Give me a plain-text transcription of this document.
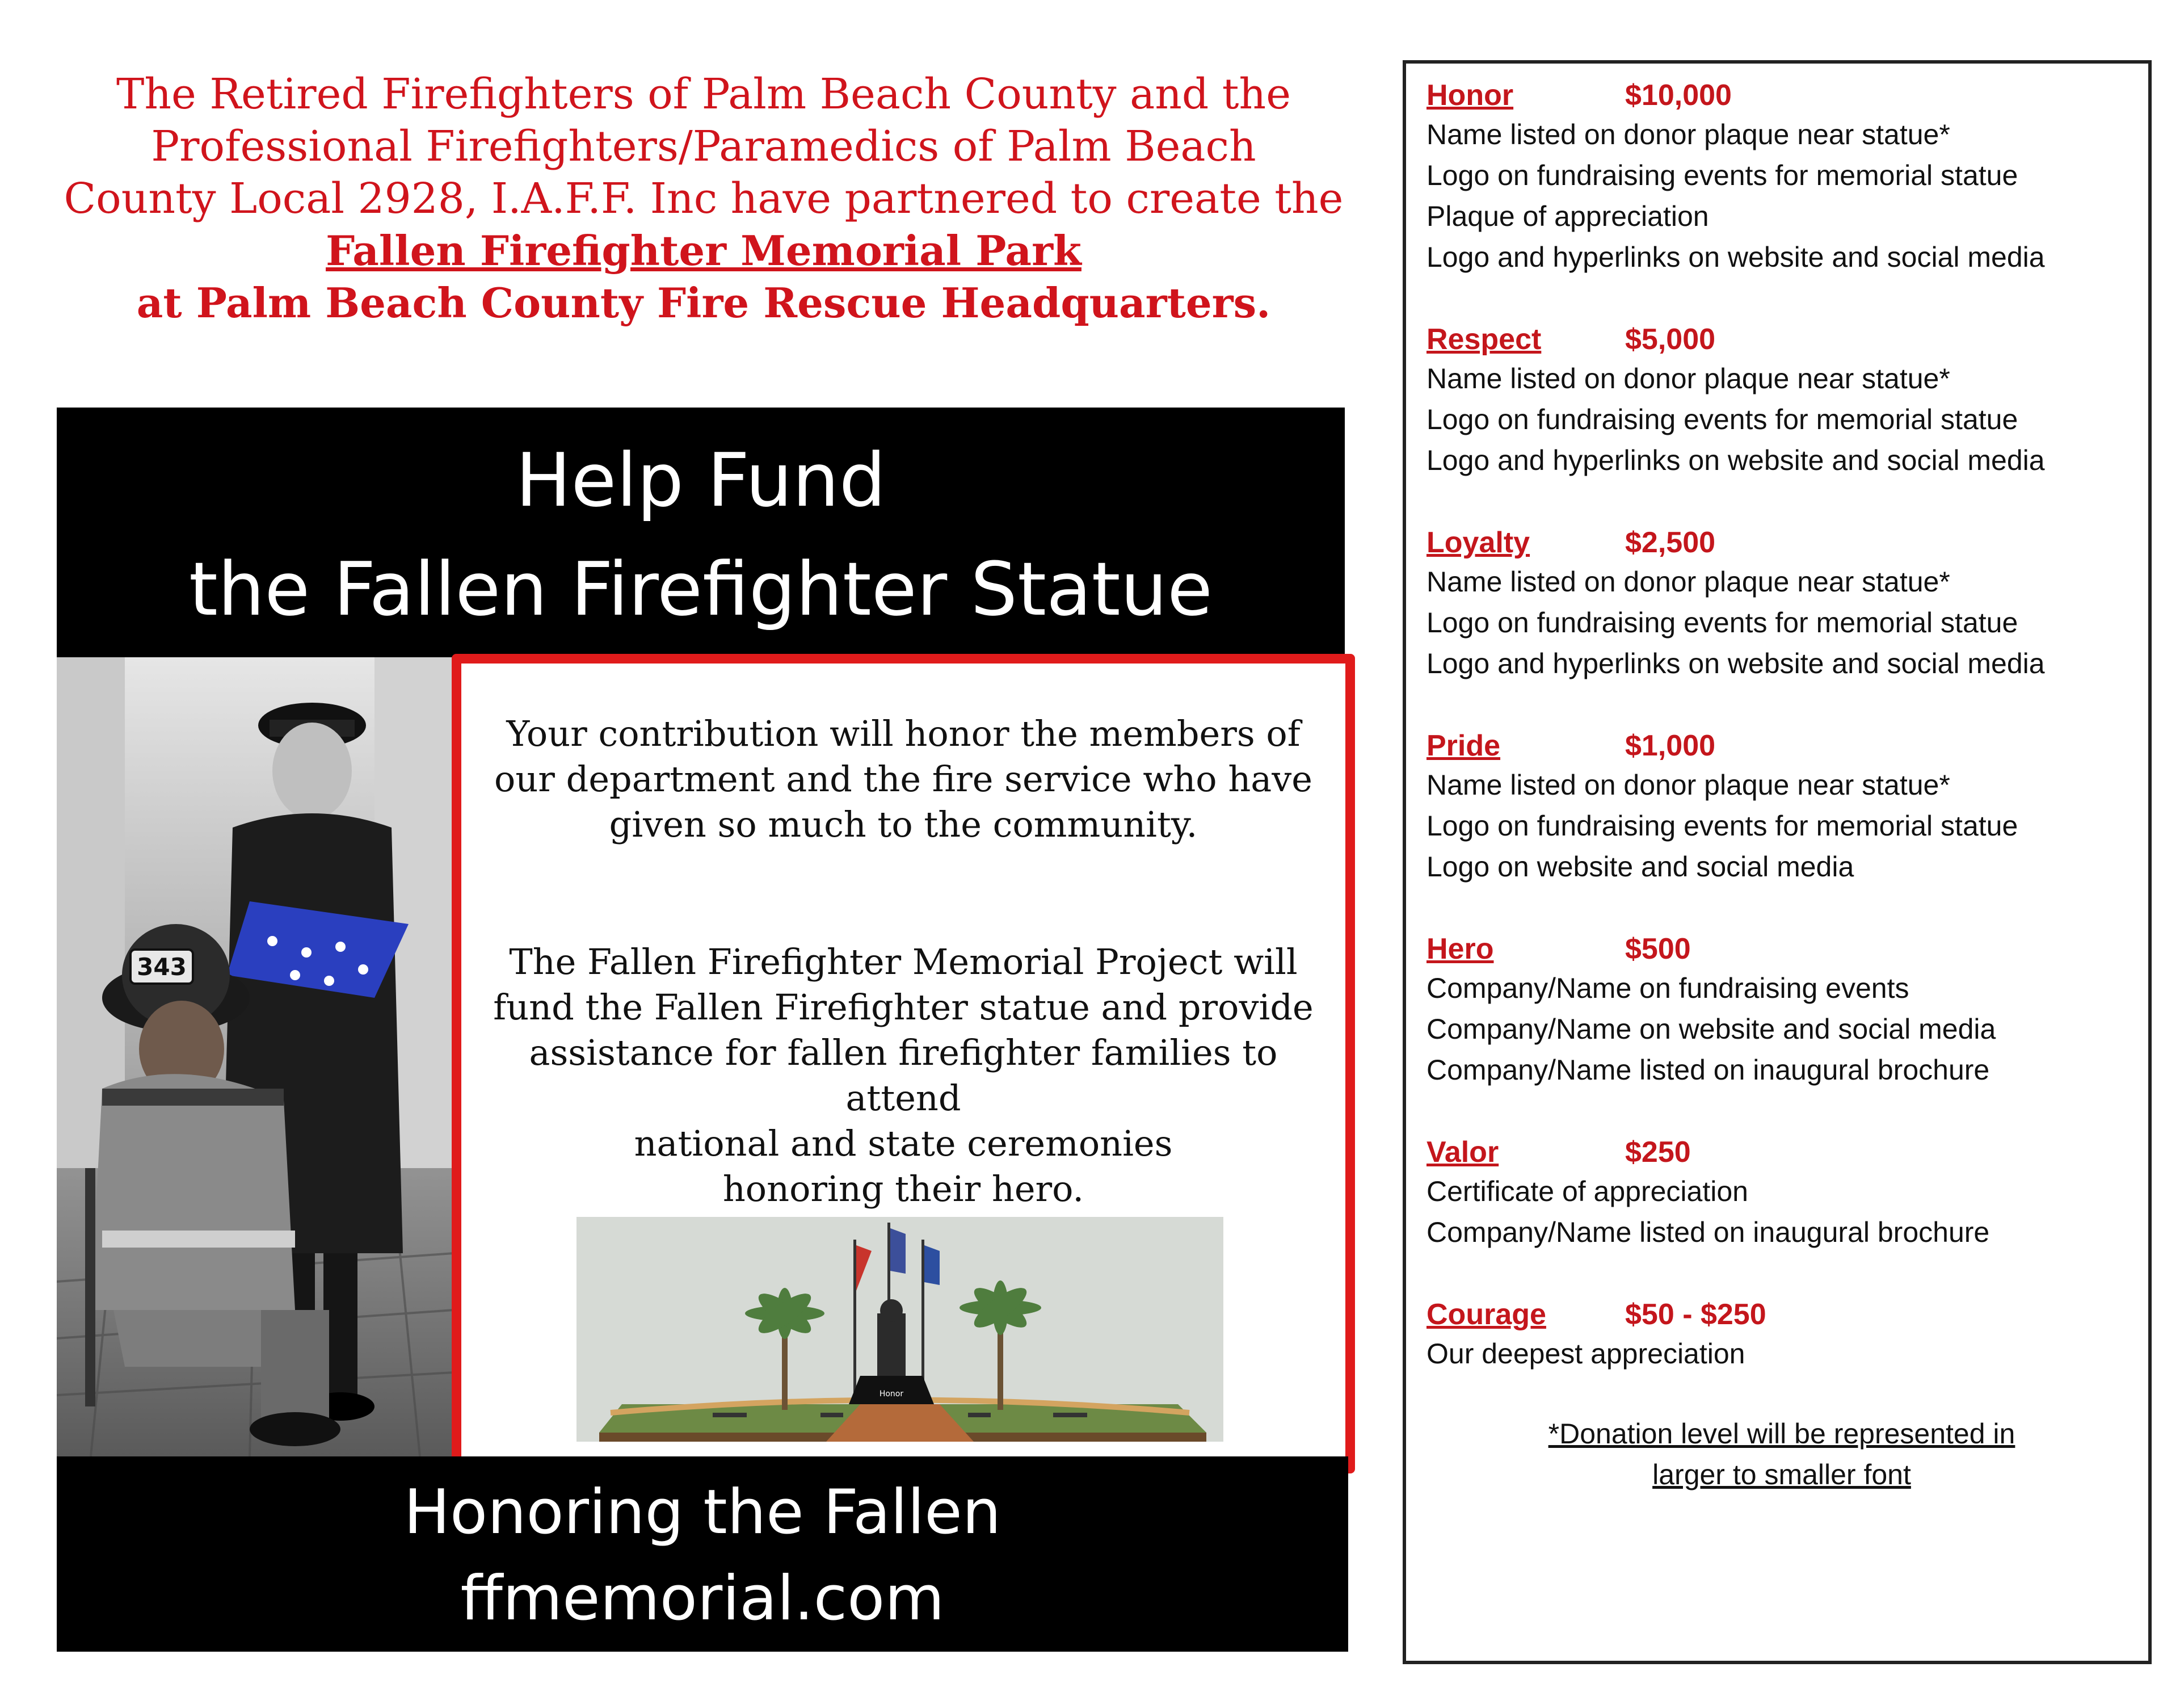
The Retired Firefighters of Palm Beach County and the
Professional Firefighters/Paramedics of Palm Beach
County Local 2928, I.A.F.F. Inc have partnered to create the
Fallen Firefighter Memorial Park
at Palm Beach County Fire Rescue Headquarters.
Help Fund
the Fallen Firefighter Statue
343
Your contribution will honor the members of
our department and the fire service who have
given so much to the community.
The Fallen Firefighter Memorial Project will
fund the Fallen Firefighter statue and provide
assistance for fallen firefighter families to
attend
national and state ceremonies
honoring their hero.
Honor
Honoring the Fallen
ffmemorial.com
Honor	$10,000
Name listed on donor plaque near statue*
Logo on fundraising events for memorial statue
Plaque of appreciation
Logo and hyperlinks on website and social media
Respect	$5,000
Name listed on donor plaque near statue*
Logo on fundraising events for memorial statue
Logo and hyperlinks on website and social media
Loyalty	$2,500
Name listed on donor plaque near statue*
Logo on fundraising events for memorial statue
Logo and hyperlinks on website and social media
Pride	$1,000
Name listed on donor plaque near statue*
Logo on fundraising events for memorial statue
Logo on website and social media
Hero	$500
Company/Name on fundraising events
Company/Name on website and social media
Company/Name listed on inaugural brochure
Valor	$250
Certificate of appreciation
Company/Name listed on inaugural brochure
Courage	$50 - $250
Our deepest appreciation
*Donation level will be represented in
larger to smaller font
